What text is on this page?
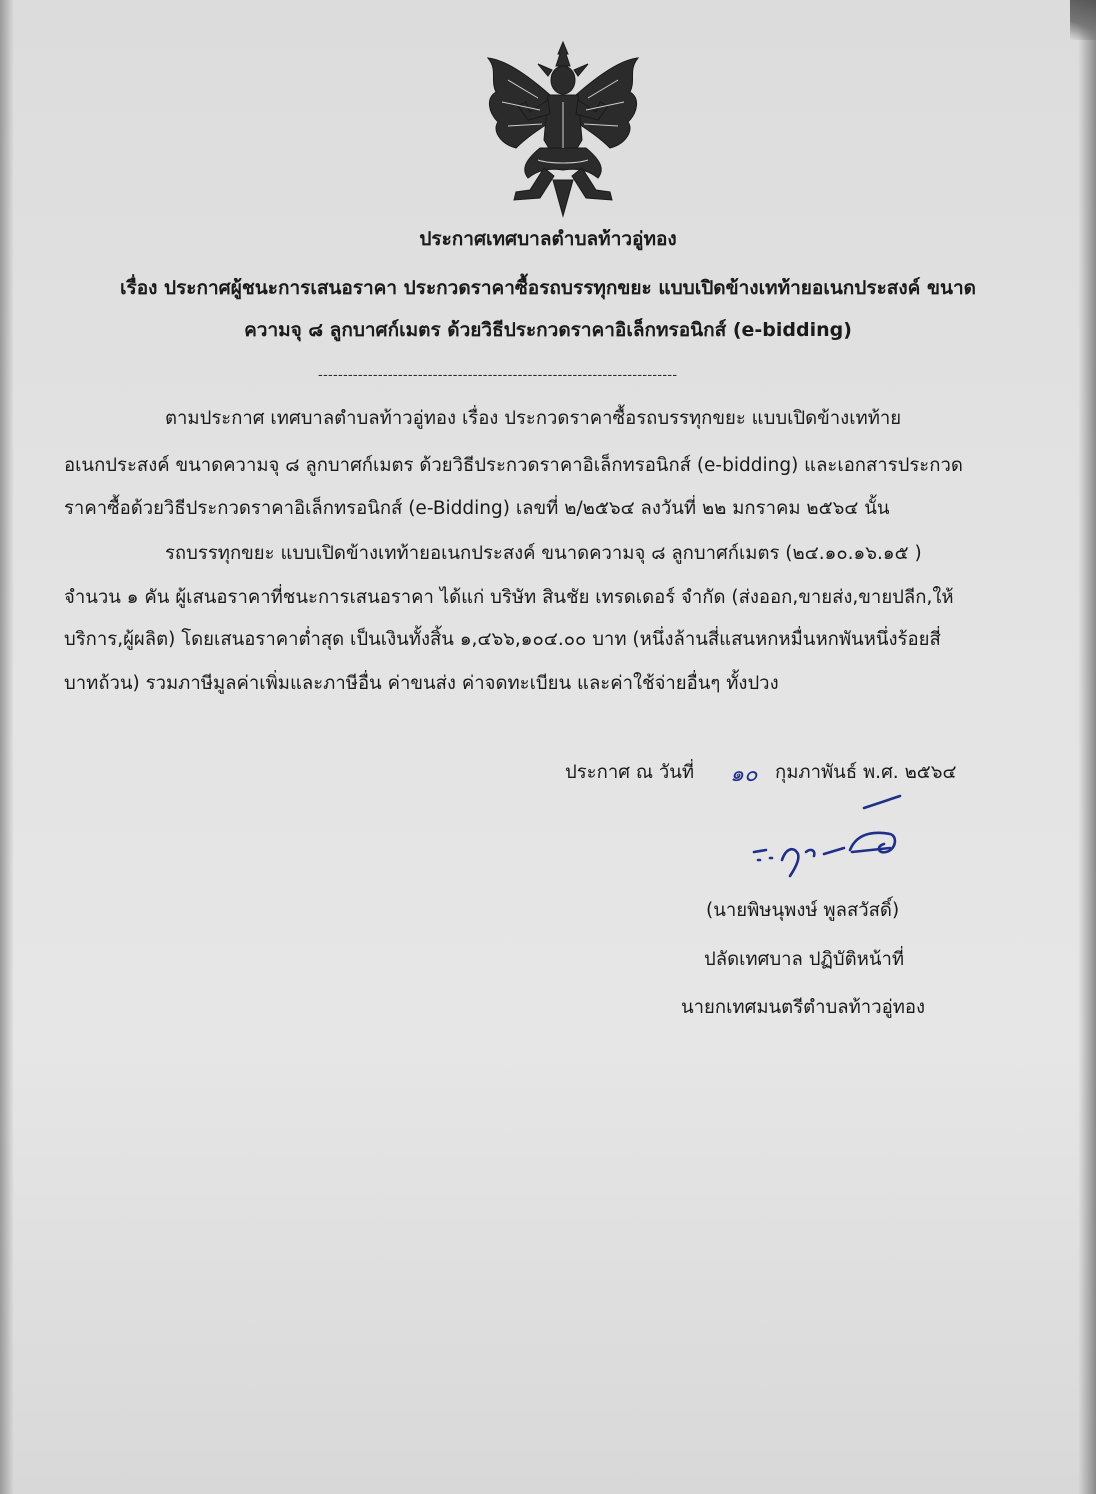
ประกาศเทศบาลตำบลท้าวอู่ทอง
เรื่อง ประกาศผู้ชนะการเสนอราคา ประกวดราคาซื้อรถบรรทุกขยะ แบบเปิดข้างเทท้ายอเนกประสงค์ ขนาด
ความจุ ๘ ลูกบาศก์เมตร ด้วยวิธีประกวดราคาอิเล็กทรอนิกส์ (e-bidding)
------------------------------------------------------------------------
ตามประกาศ เทศบาลตำบลท้าวอู่ทอง เรื่อง ประกวดราคาซื้อรถบรรทุกขยะ แบบเปิดข้างเทท้าย
อเนกประสงค์ ขนาดความจุ ๘ ลูกบาศก์เมตร ด้วยวิธีประกวดราคาอิเล็กทรอนิกส์ (e-bidding) และเอกสารประกวด
ราคาซื้อด้วยวิธีประกวดราคาอิเล็กทรอนิกส์ (e-Bidding) เลขที่ ๒/๒๕๖๔ ลงวันที่ ๒๒ มกราคม ๒๕๖๔ นั้น
รถบรรทุกขยะ แบบเปิดข้างเทท้ายอเนกประสงค์ ขนาดความจุ ๘ ลูกบาศก์เมตร (๒๔.๑๐.๑๖.๑๕ )
จำนวน ๑ คัน ผู้เสนอราคาที่ชนะการเสนอราคา ได้แก่ บริษัท สินชัย เทรดเดอร์ จำกัด (ส่งออก,ขายส่ง,ขายปลีก,ให้
บริการ,ผู้ผลิต) โดยเสนอราคาต่ำสุด เป็นเงินทั้งสิ้น ๑,๔๖๖,๑๐๔.๐๐ บาท (หนึ่งล้านสี่แสนหกหมื่นหกพันหนึ่งร้อยสี่
บาทถ้วน) รวมภาษีมูลค่าเพิ่มและภาษีอื่น ค่าขนส่ง ค่าจดทะเบียน และค่าใช้จ่ายอื่นๆ ทั้งปวง
ประกาศ ณ วันที่ ๑๐ กุมภาพันธ์ พ.ศ. ๒๕๖๔
(นายพิษนุพงษ์ พูลสวัสดิ์)
ปลัดเทศบาล ปฏิบัติหน้าที่
นายกเทศมนตรีตำบลท้าวอู่ทอง
